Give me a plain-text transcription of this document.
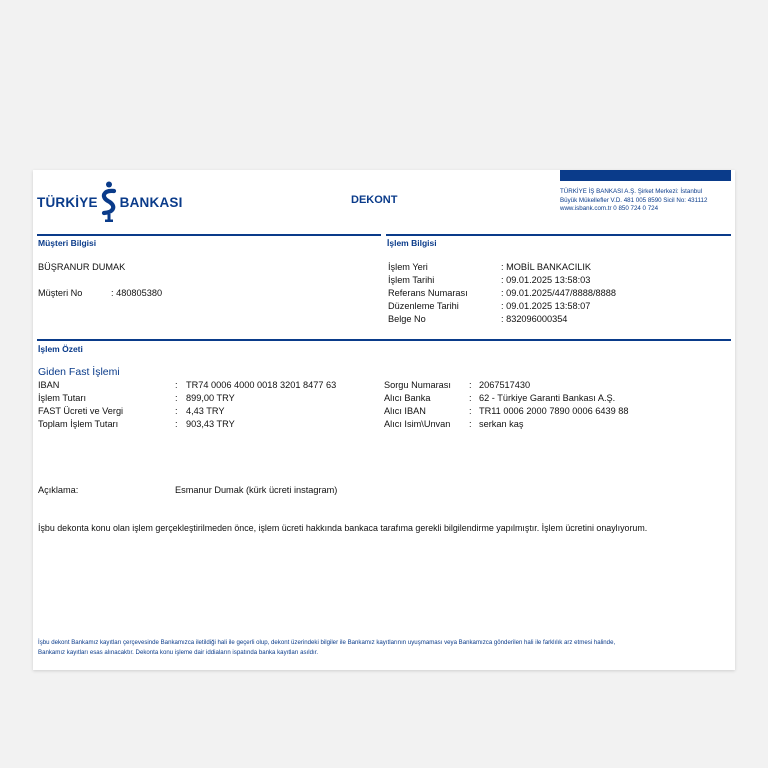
TÜRKİYE BANKASI	DEKONT
TÜRKİYE İŞ BANKASI A.Ş. Şirket Merkezi: İstanbul
Büyük Mükellefler V.D. 481 005 8590 Sicil No: 431112
www.isbank.com.tr 0 850 724 0 724
Müşteri Bilgisi
BÜŞRANUR DUMAK
Müşteri No	: 480805380
İşlem Bilgisi
İşlem Yeri	: MOBİL BANKACILIK
İşlem Tarihi	: 09.01.2025 13:58:03
Referans Numarası	: 09.01.2025/447/8888/8888
Düzenleme Tarihi	: 09.01.2025 13:58:07
Belge No	: 832096000354
İşlem Özeti
Giden Fast İşlemi
IBAN	: TR74 0006 4000 0018 3201 8477 63
İşlem Tutarı	: 899,00 TRY
FAST Ücreti ve Vergi	: 4,43 TRY
Toplam İşlem Tutarı	: 903,43 TRY
Sorgu Numarası : 2067517430
Alıcı Banka	: 62 - Türkiye Garanti Bankası A.Ş.
Alıcı IBAN	: TR11 0006 2000 7890 0006 6439 88
Alıcı Isim\Unvan : serkan kaş
Açıklama:	Esmanur Dumak (kürk ücreti instagram)
İşbu dekonta konu olan işlem gerçekleştirilmeden önce, işlem ücreti hakkında bankaca tarafıma gerekli bilgilendirme yapılmıştır. İşlem ücretini onaylıyorum.
İşbu dekont Bankamız kayıtları çerçevesinde Bankamızca iletildiği hali ile geçerli olup, dekont üzerindeki bilgiler ile Bankamız kayıtlarının uyuşmaması veya Bankamızca gönderilen hali ile farklılık arz etmesi halinde,
Bankamız kayıtları esas alınacaktır. Dekonta konu işleme dair iddiaların ispatında banka kayıtları asıldır.
